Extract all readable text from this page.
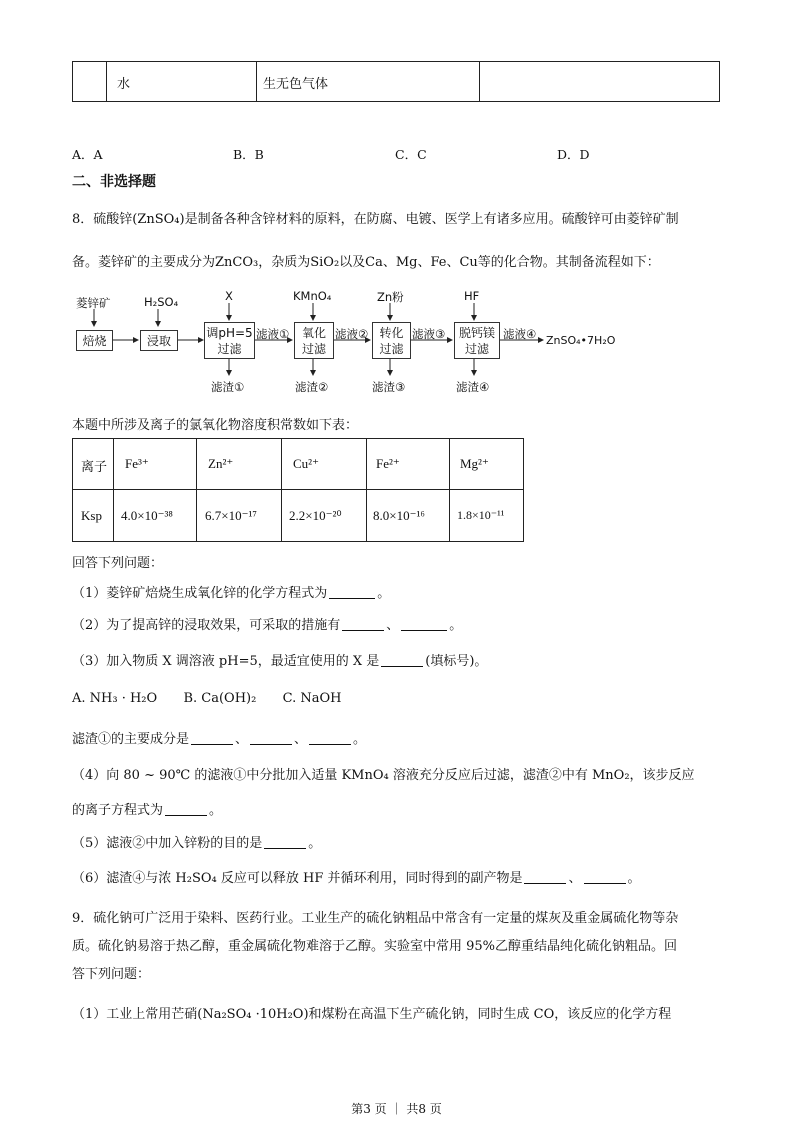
水	生无色气体
A．A	B．B	C．C	D．D
二、非选择题
8．硫酸锌(ZnSO₄)是制备各种含锌材料的原料，在防腐、电镀、医学上有诸多应用。硫酸锌可由菱锌矿制
备。菱锌矿的主要成分为ZnCO₃，杂质为SiO₂以及Ca、Mg、Fe、Cu等的化合物。其制备流程如下：
菱锌矿	H₂SO₄	X	KMnO₄	Zn粉	HF
焙烧	浸取
调pH=5
过滤
氧化
过滤
转化
过滤
脱钙镁
过滤
滤液①	滤液②	滤液③	滤液④ ZnSO₄•7H₂O
滤渣①	滤渣②	滤渣③	滤渣④
本题中所涉及离子的氯氧化物溶度积常数如下表：
离子 Fe³⁺	Zn²⁺	Cu²⁺	Fe²⁺	Mg²⁺
Ksp 4.0×10⁻³⁸ 6.7×10⁻¹⁷ 2.2×10⁻²⁰ 8.0×10⁻¹⁶	1.8×10⁻¹¹
回答下列问题：
（1）菱锌矿焙烧生成氧化锌的化学方程式为	。
（2）为了提高锌的浸取效果，可采取的措施有	、	。
（3）加入物质 X 调溶液 pH=5，最适宜使用的 X 是	(填标号)。
A. NH₃ · H₂O B. Ca(OH)₂ C. NaOH
滤渣①的主要成分是	、	、	。
（4）向 80 ~ 90℃ 的滤液①中分批加入适量 KMnO₄ 溶液充分反应后过滤，滤渣②中有 MnO₂，该步反应
的离子方程式为	。
（5）滤液②中加入锌粉的目的是	。
（6）滤渣④与浓 H₂SO₄ 反应可以释放 HF 并循环利用，同时得到的副产物是	、	。
9．硫化钠可广泛用于染料、医药行业。工业生产的硫化钠粗品中常含有一定量的煤灰及重金属硫化物等杂
质。硫化钠易溶于热乙醇，重金属硫化物难溶于乙醇。实验室中常用 95%乙醇重结晶纯化硫化钠粗品。回
答下列问题：
（1）工业上常用芒硝(Na₂SO₄ ·10H₂O)和煤粉在高温下生产硫化钠，同时生成 CO，该反应的化学方程
第3 页 ｜ 共8 页
